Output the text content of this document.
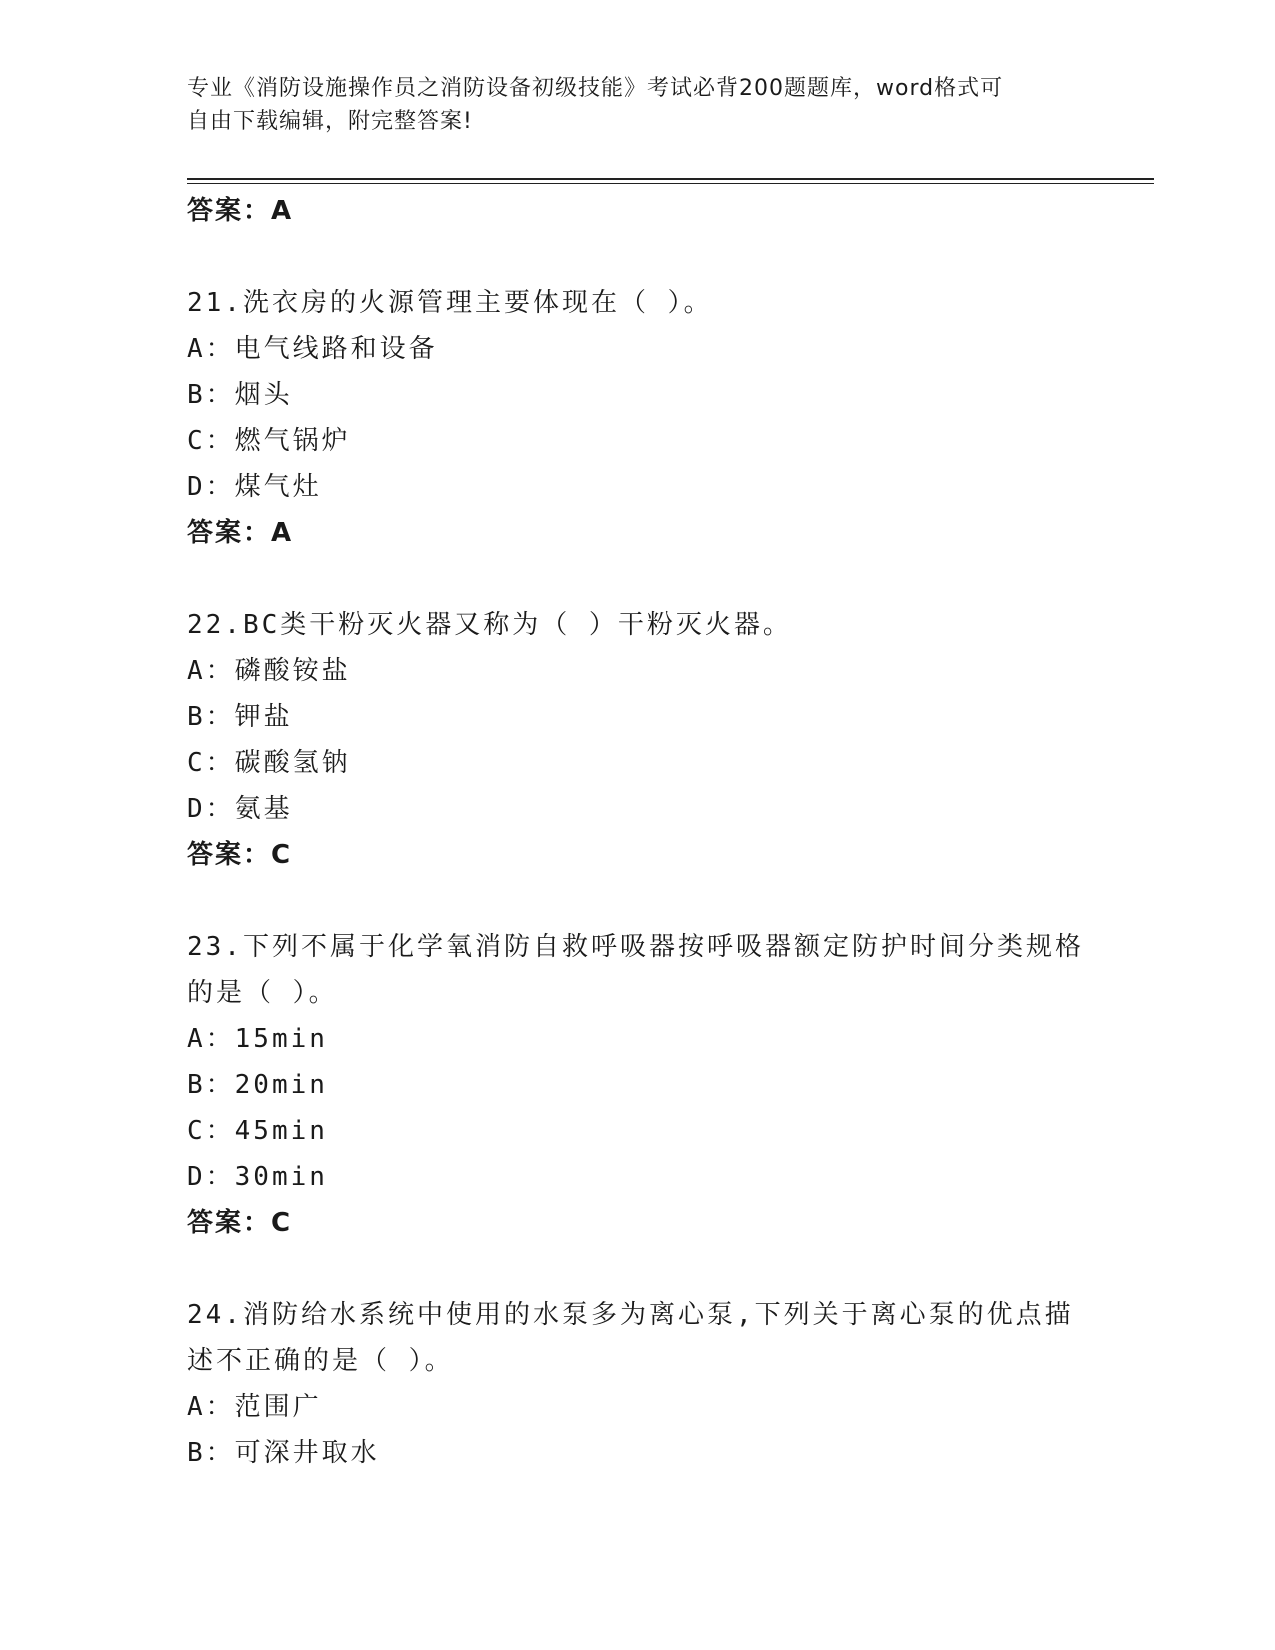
专业《消防设施操作员之消防设备初级技能》考试必背200题题库，word格式可
自由下载编辑，附完整答案!
答案：A
21.洗衣房的火源管理主要体现在（ ）。
A：电气线路和设备
B：烟头
C：燃气锅炉
D：煤气灶
答案：A
22.BC类干粉灭火器又称为（ ）干粉灭火器。
A：磷酸铵盐
B：钾盐
C：碳酸氢钠
D：氨基
答案：C
23.下列不属于化学氧消防自救呼吸器按呼吸器额定防护时间分类规格
的是（ ）。
A：15min
B：20min
C：45min
D：30min
答案：C
24.消防给水系统中使用的水泵多为离心泵,下列关于离心泵的优点描
述不正确的是（ ）。
A：范围广
B：可深井取水
